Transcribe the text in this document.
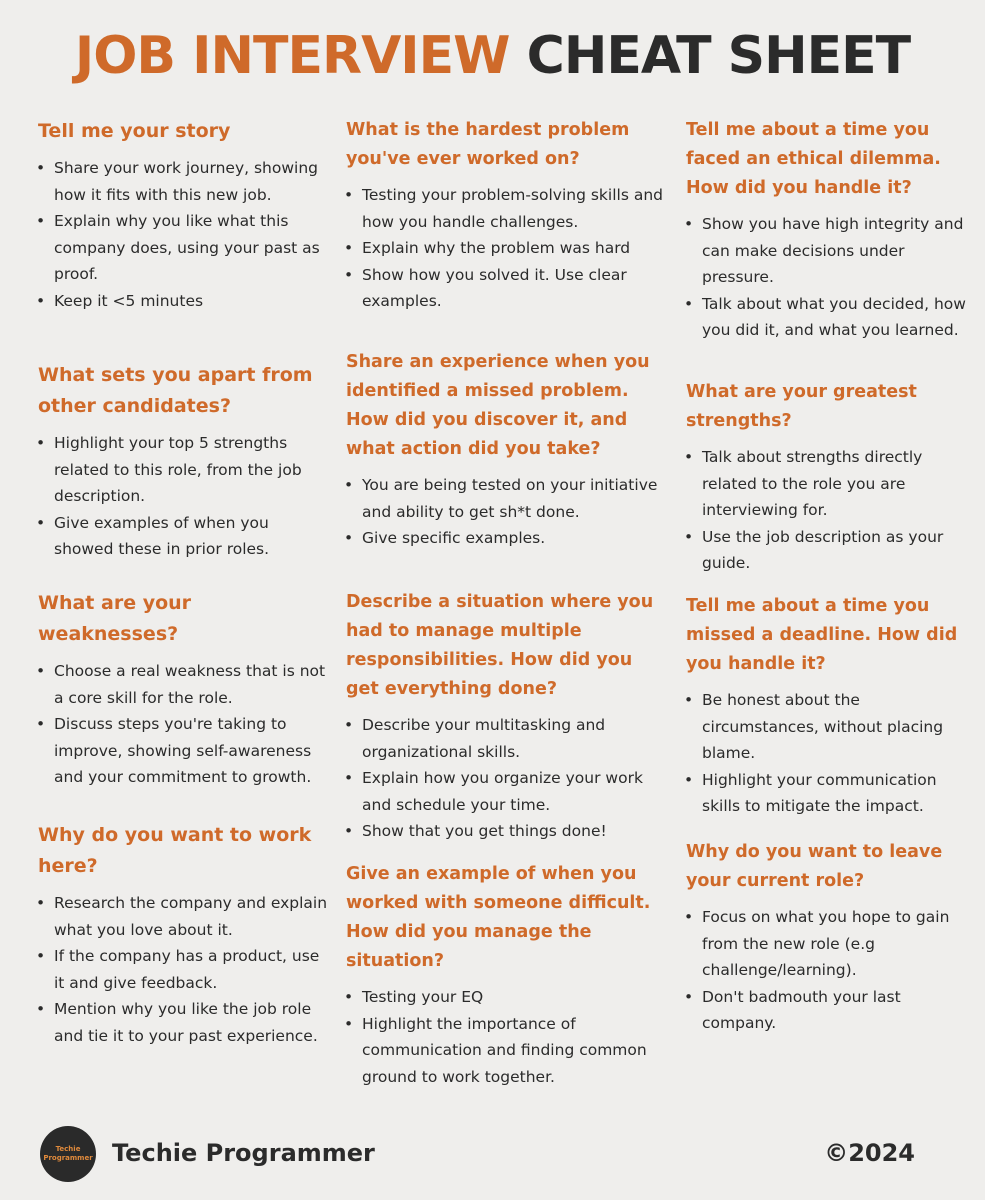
JOB INTERVIEW CHEAT SHEET
Tell me your story
• Share your work journey, showing how it fits with this new job.
• Explain why you like what this company does, using your past as proof.
• Keep it <5 minutes
What sets you apart from other candidates?
• Highlight your top 5 strengths related to this role, from the job description.
• Give examples of when you showed these in prior roles.
What are your weaknesses?
• Choose a real weakness that is not a core skill for the role.
• Discuss steps you're taking to improve, showing self-awareness and your commitment to growth.
Why do you want to work here?
• Research the company and explain what you love about it.
• If the company has a product, use it and give feedback.
• Mention why you like the job role and tie it to your past experience.
What is the hardest problem you've ever worked on?
• Testing your problem-solving skills and how you handle challenges.
• Explain why the problem was hard
• Show how you solved it. Use clear examples.
Share an experience when you identified a missed problem. How did you discover it, and what action did you take?
• You are being tested on your initiative and ability to get sh*t done.
• Give specific examples.
Describe a situation where you had to manage multiple responsibilities. How did you get everything done?
• Describe your multitasking and organizational skills.
• Explain how you organize your work and schedule your time.
• Show that you get things done!
Give an example of when you worked with someone difficult. How did you manage the situation?
• Testing your EQ
• Highlight the importance of communication and finding common ground to work together.
Tell me about a time you faced an ethical dilemma. How did you handle it?
• Show you have high integrity and can make decisions under pressure.
• Talk about what you decided, how you did it, and what you learned.
What are your greatest strengths?
• Talk about strengths directly related to the role you are interviewing for.
• Use the job description as your guide.
Tell me about a time you missed a deadline. How did you handle it?
• Be honest about the circumstances, without placing blame.
• Highlight your communication skills to mitigate the impact.
Why do you want to leave your current role?
• Focus on what you hope to gain from the new role (e.g challenge/learning).
• Don't badmouth your last company.
Techie
Programmer Techie Programmer	©2024
